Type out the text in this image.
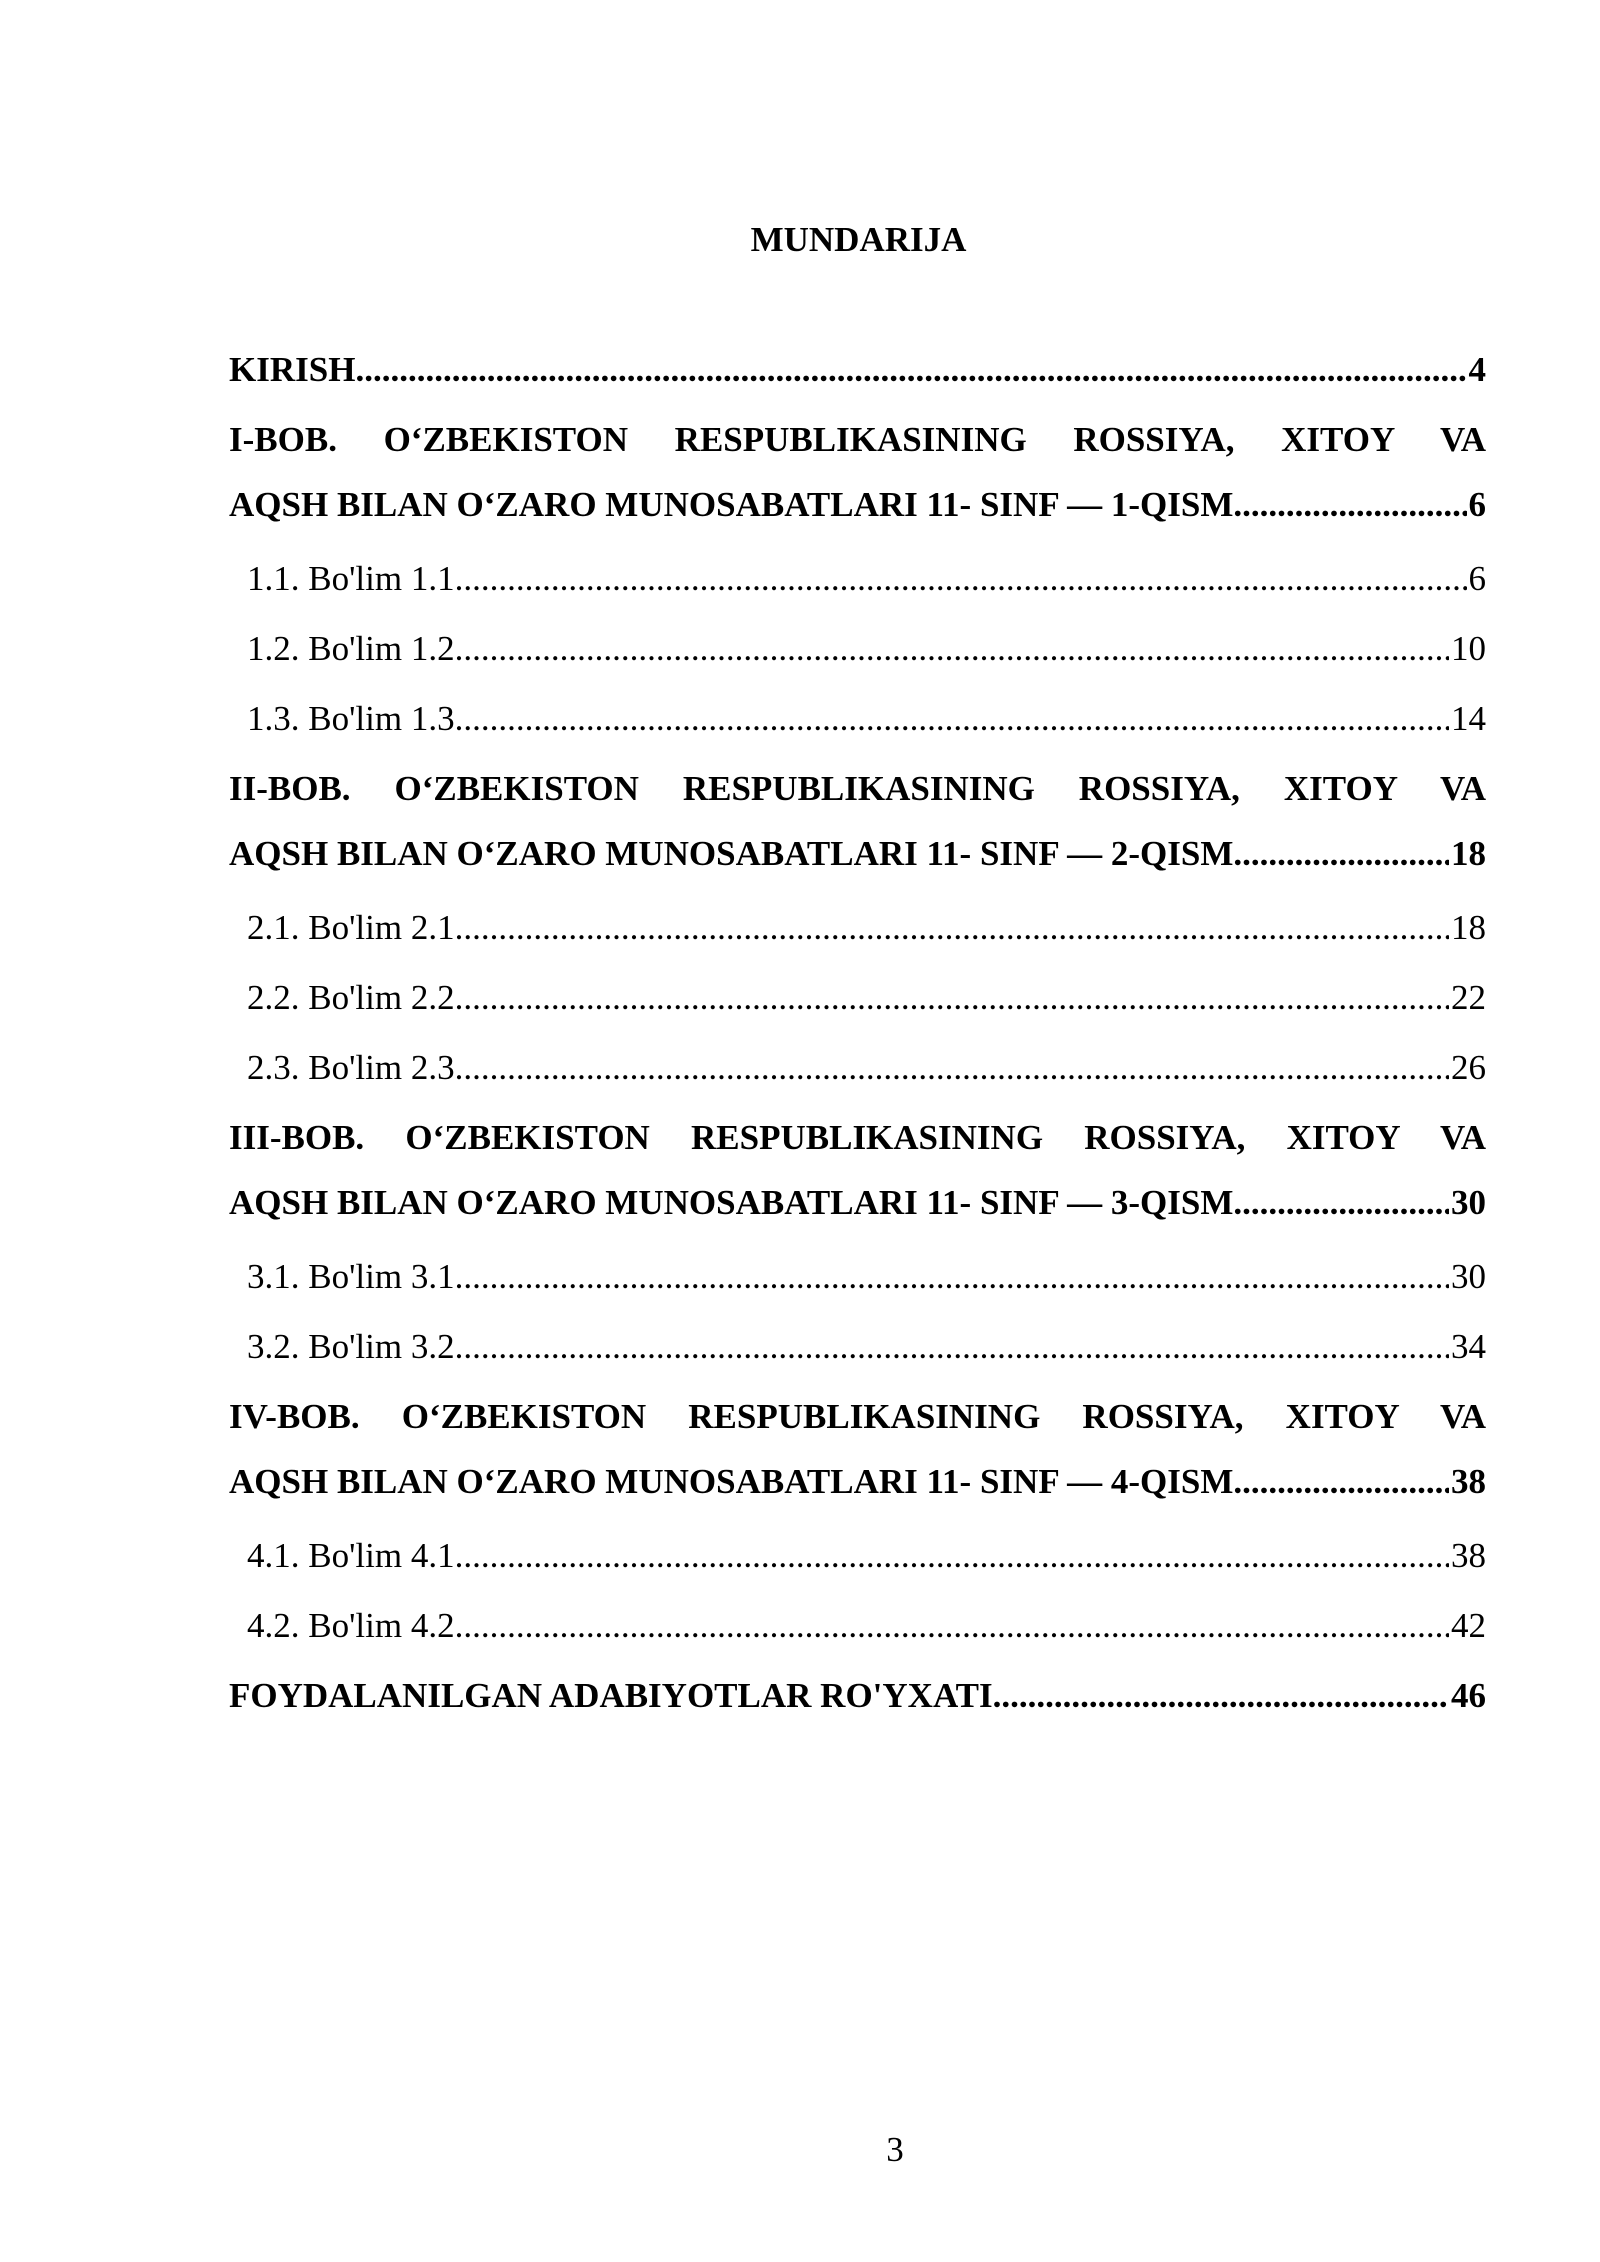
MUNDARIJA
KIRISH .....	4
I-BOB. O‘ZBEKISTON RESPUBLIKASINING ROSSIYA, XITOY VA
AQSH BILAN O‘ZARO MUNOSABATLARI 11- SINF — 1-QISM .....	6
1.1. Bo'lim 1.1 .....	6
1.2. Bo'lim 1.2 .....	10
1.3. Bo'lim 1.3 .....	14
II-BOB. O‘ZBEKISTON RESPUBLIKASINING ROSSIYA, XITOY VA
AQSH BILAN O‘ZARO MUNOSABATLARI 11- SINF — 2-QISM .....	18
2.1. Bo'lim 2.1 .....	18
2.2. Bo'lim 2.2 .....	22
2.3. Bo'lim 2.3 .....	26
III-BOB. O‘ZBEKISTON RESPUBLIKASINING ROSSIYA, XITOY VA
AQSH BILAN O‘ZARO MUNOSABATLARI 11- SINF — 3-QISM .....	30
3.1. Bo'lim 3.1 .....	30
3.2. Bo'lim 3.2 .....	34
IV-BOB. O‘ZBEKISTON RESPUBLIKASINING ROSSIYA, XITOY VA
AQSH BILAN O‘ZARO MUNOSABATLARI 11- SINF — 4-QISM .....	38
4.1. Bo'lim 4.1 .....	38
4.2. Bo'lim 4.2 .....	42
FOYDALANILGAN ADABIYOTLAR RO'YXATI .....	46
3
